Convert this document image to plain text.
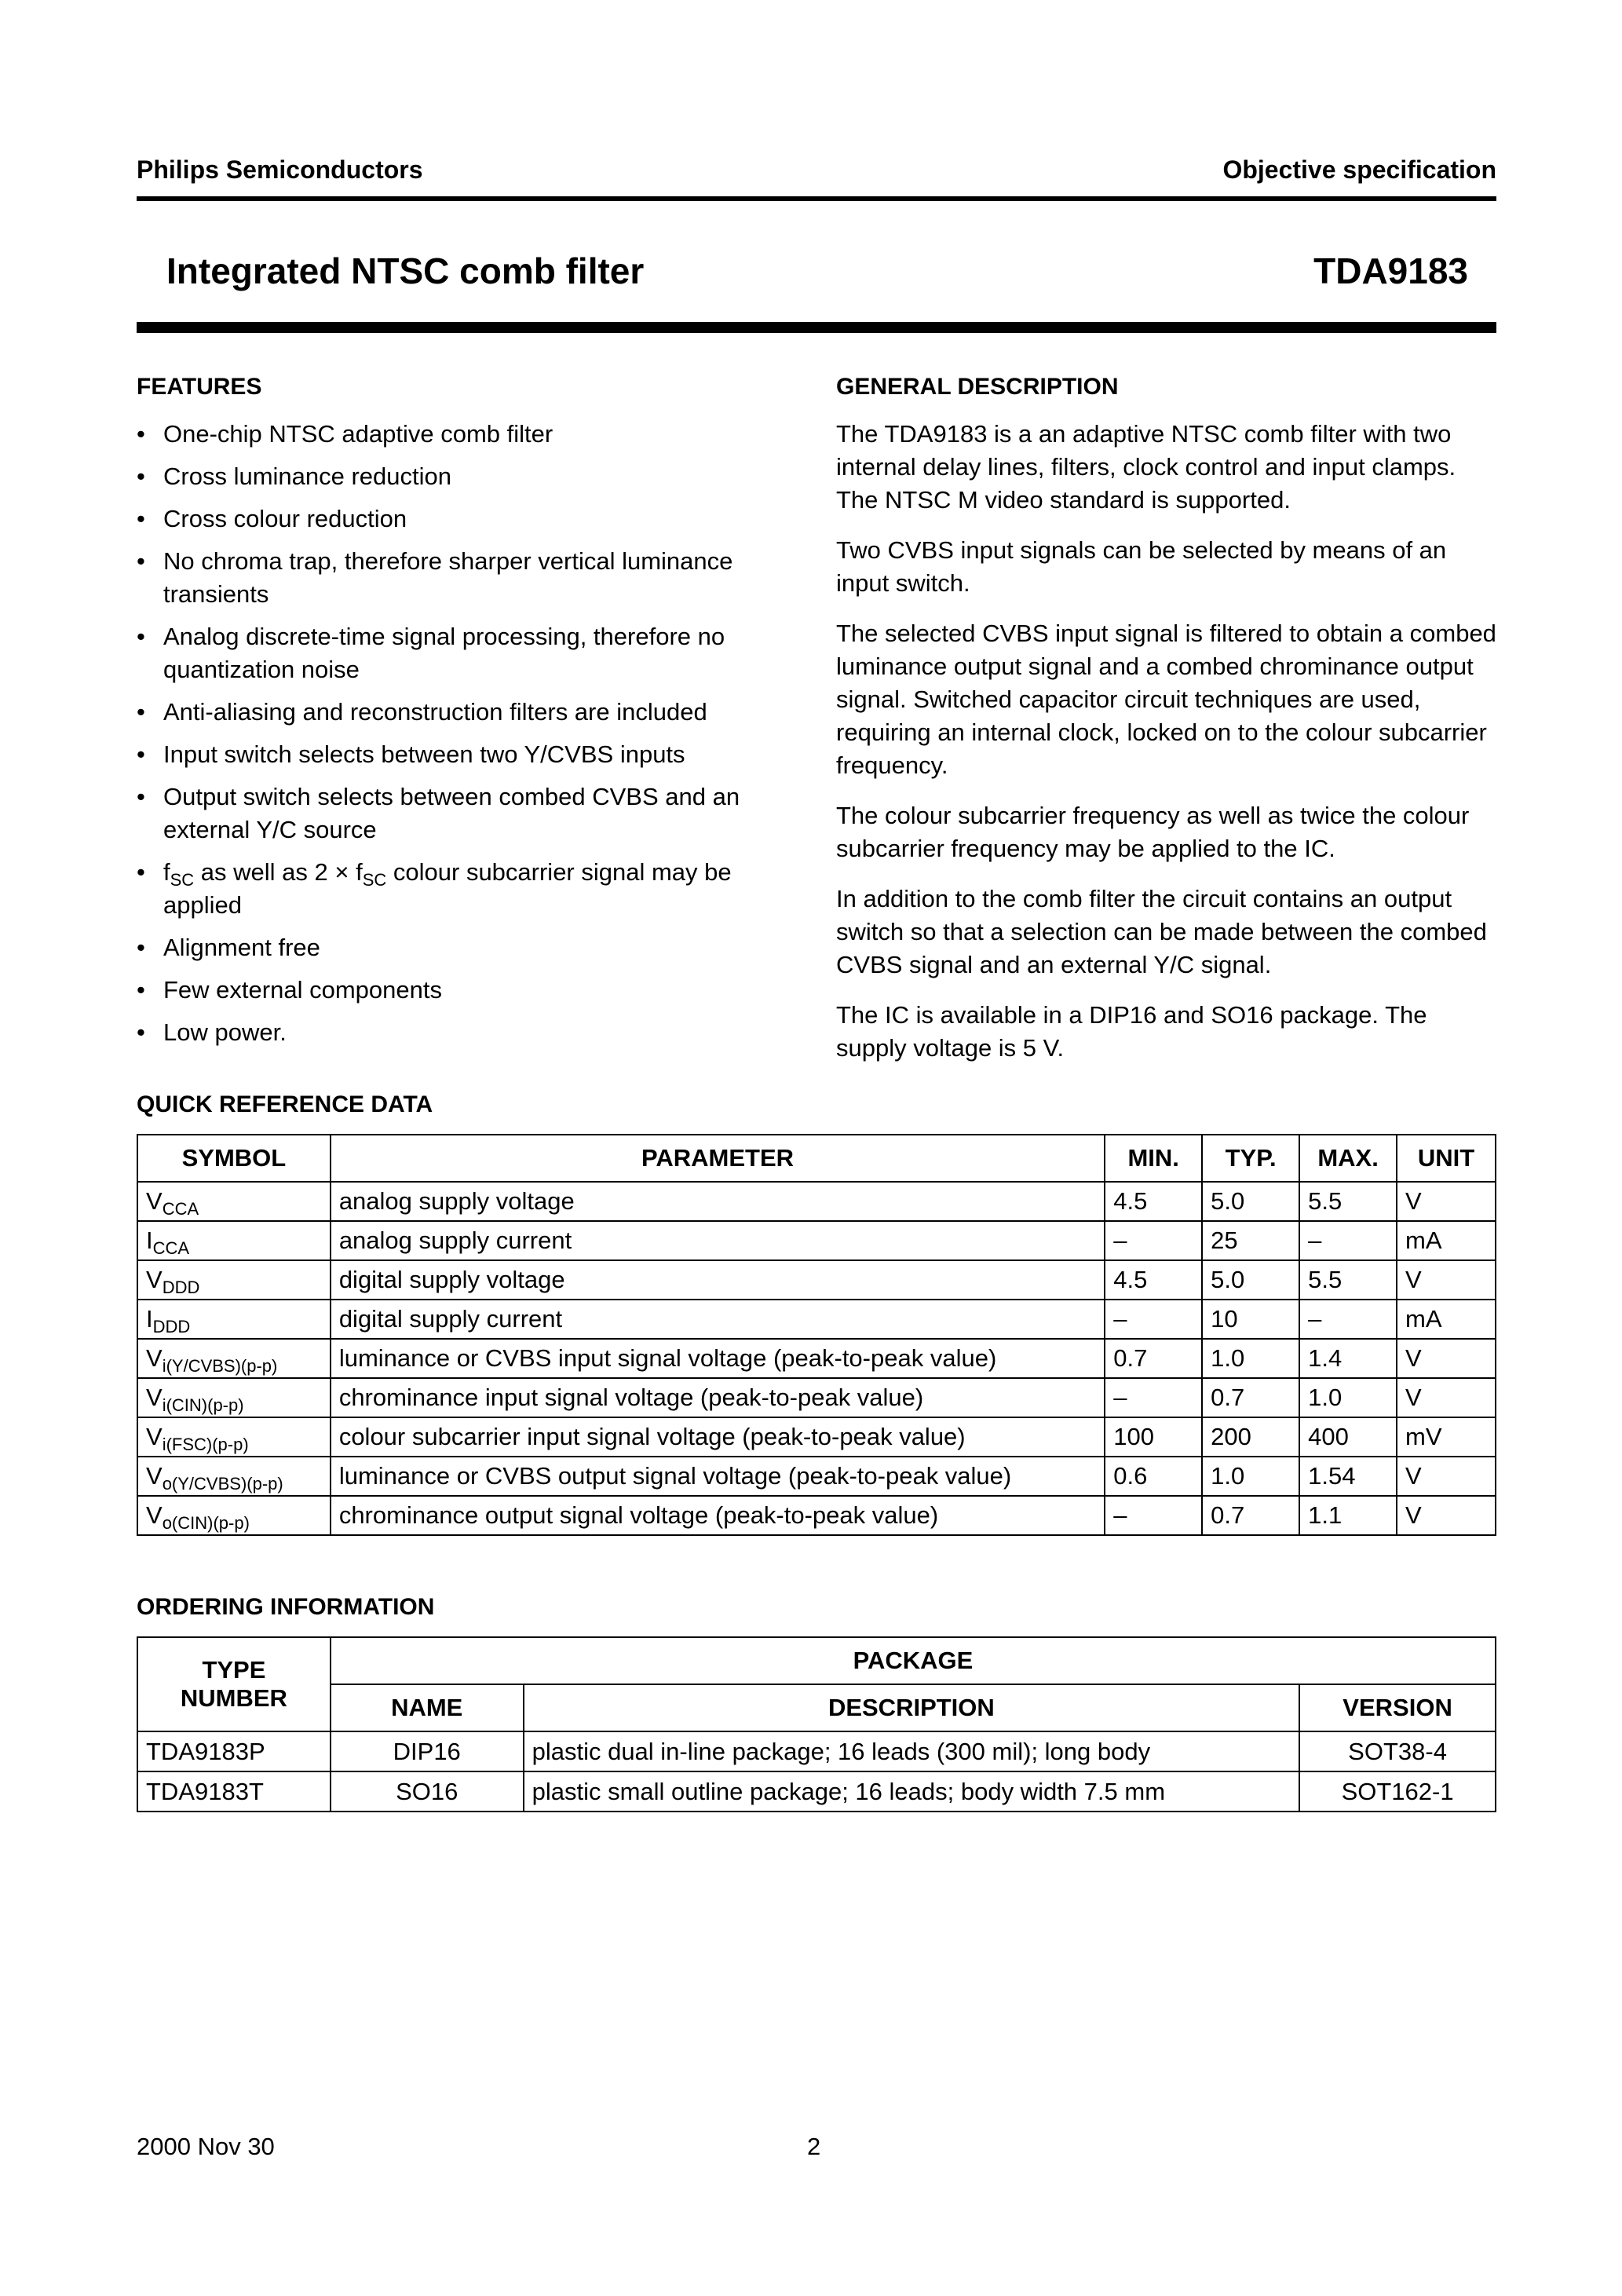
Philips Semiconductors	Objective specification
Integrated NTSC comb filter	TDA9183
FEATURES
• One-chip NTSC adaptive comb filter
• Cross luminance reduction
• Cross colour reduction
• No chroma trap, therefore sharper vertical luminance transients
• Analog discrete-time signal processing, therefore no quantization noise
• Anti-aliasing and reconstruction filters are included
• Input switch selects between two Y/CVBS inputs
• Output switch selects between combed CVBS and an external Y/C source
• $f_{SC}$ as well as $2 \times f_{SC}$ colour subcarrier signal may be applied
• Alignment free
• Few external components
• Low power.
GENERAL DESCRIPTION

The TDA9183 is a an adaptive NTSC comb filter with two internal delay lines, filters, clock control and input clamps. The NTSC M video standard is supported.

Two CVBS input signals can be selected by means of an input switch.

The selected CVBS input signal is filtered to obtain a combed luminance output signal and a combed chrominance output signal. Switched capacitor circuit techniques are used, requiring an internal clock, locked on to the colour subcarrier frequency.

The colour subcarrier frequency as well as twice the colour subcarrier frequency may be applied to the IC.

In addition to the comb filter the circuit contains an output switch so that a selection can be made between the combed CVBS signal and an external Y/C signal.

The IC is available in a DIP16 and SO16 package. The supply voltage is 5 V.

QUICK REFERENCE DATA
SYMBOL	PARAMETER	MIN.	TYP.	MAX.	UNIT
$V_{CCA}$	analog supply voltage	4.5	5.0	5.5	V
$I_{CCA}$	analog supply current	–	25	–	mA
$V_{DDD}$	digital supply voltage	4.5	5.0	5.5	V
$I_{DDD}$	digital supply current	–	10	–	mA
$V_{i(Y/CVBS)(p-p)}$	luminance or CVBS input signal voltage (peak-to-peak value)	0.7	1.0	1.4	V
$V_{i(CIN)(p-p)}$	chrominance input signal voltage (peak-to-peak value)	–	0.7	1.0	V
$V_{i(FSC)(p-p)}$	colour subcarrier input signal voltage (peak-to-peak value)	100	200	400	mV
$V_{o(Y/CVBS)(p-p)}$	luminance or CVBS output signal voltage (peak-to-peak value)	0.6	1.0	1.54	V
$V_{o(CIN)(p-p)}$	chrominance output signal voltage (peak-to-peak value)	–	0.7	1.1	V
ORDERING INFORMATION
TYPE
NUMBER	PACKAGE		
	NAME	DESCRIPTION	VERSION
TDA9183P	DIP16	plastic dual in-line package; 16 leads (300 mil); long body	SOT38-4
TDA9183T	SO16	plastic small outline package; 16 leads; body width 7.5 mm	SOT162-1
2000 Nov 30	2
